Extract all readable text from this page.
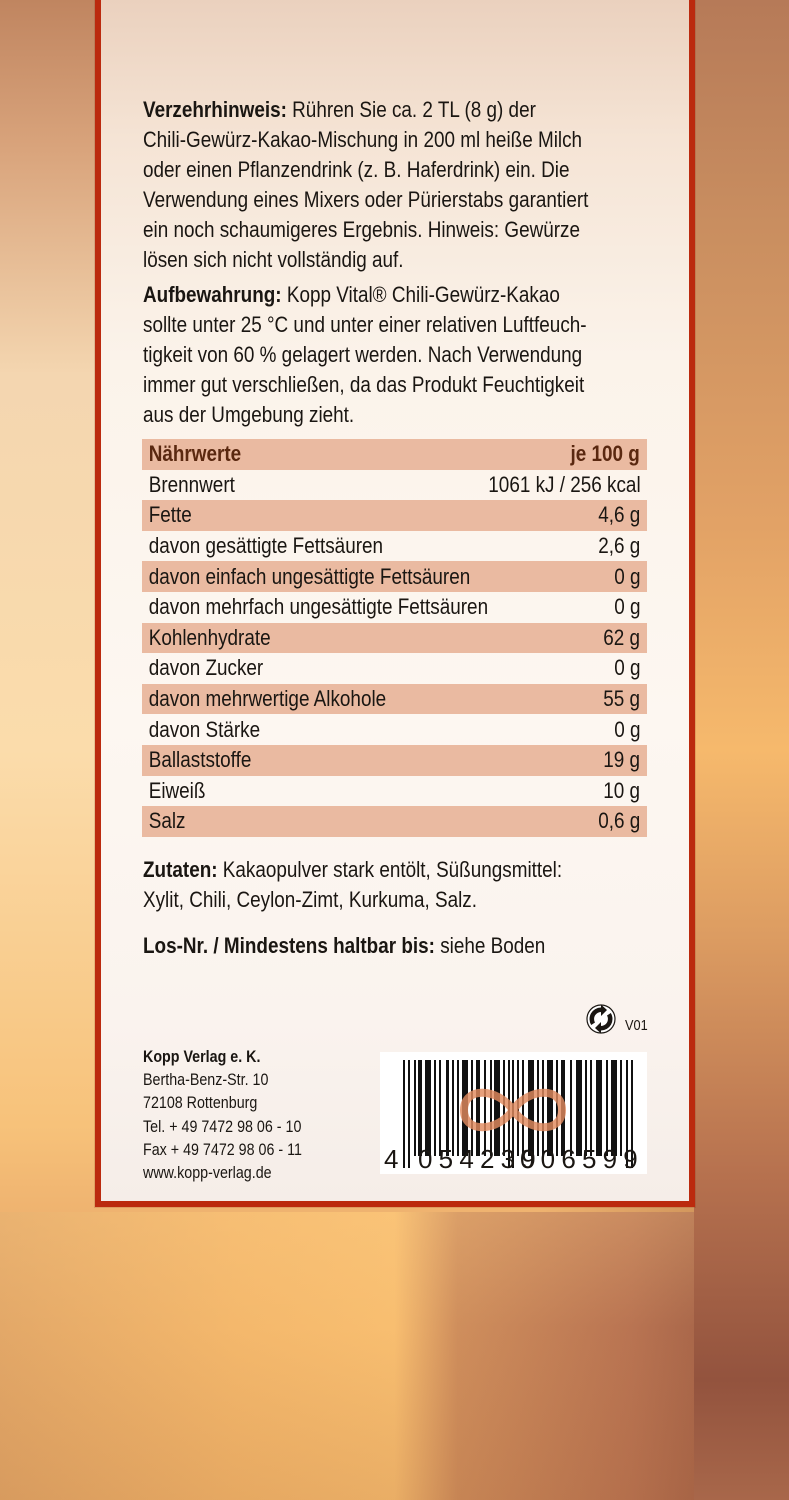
Verzehrhinweis: Rühren Sie ca. 2 TL (8 g) der
Chili-Gewürz-Kakao-Mischung in 200 ml heiße Milch
oder einen Pflanzendrink (z. B. Haferdrink) ein. Die
Verwendung eines Mixers oder Pürierstabs garantiert
ein noch schaumigeres Ergebnis. Hinweis: Gewürze
lösen sich nicht vollständig auf.
Aufbewahrung: Kopp Vital® Chili-Gewürz-Kakao
sollte unter 25 °C und unter einer relativen Luftfeuch-
tigkeit von 60 % gelagert werden. Nach Verwendung
immer gut verschließen, da das Produkt Feuchtigkeit
aus der Umgebung zieht.
Nährwerte	je 100 g
Brennwert	1061 kJ / 256 kcal
Fette	4,6 g
davon gesättigte Fettsäuren	2,6 g
davon einfach ungesättigte Fettsäuren	0 g
davon mehrfach ungesättigte Fettsäuren	0 g
Kohlenhydrate	62 g
davon Zucker	0 g
davon mehrwertige Alkohole	55 g
davon Stärke	0 g
Ballaststoffe	19 g
Eiweiß	10 g
Salz	0,6 g
Zutaten: Kakaopulver stark entölt, Süßungsmittel:
Xylit, Chili, Ceylon-Zimt, Kurkuma, Salz.
Los-Nr. / Mindestens haltbar bis: siehe Boden
V01
Kopp Verlag e. K.
Bertha-Benz-Str. 10
72108 Rottenburg
Tel. + 49 7472 98 06 - 10
Fax + 49 7472 98 06 - 11
www.kopp-verlag.de	4 054239
006599
